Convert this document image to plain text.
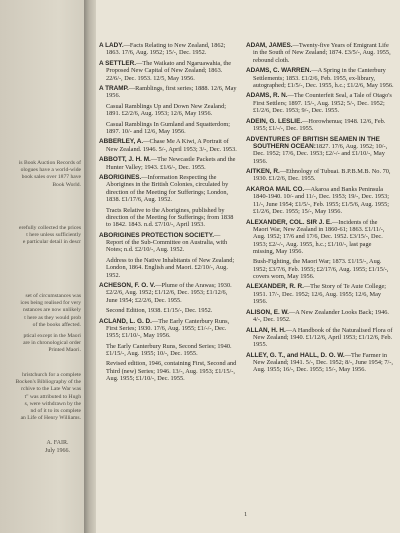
is Book Auction Records of
ologues have a world-wide
book sales over 1877 have
Book World.
erefully collected the prices
t here unless sufficiently
e particular detail in descr
set of circumstances was
ices being realised for very
nstances are now unlikely
t here as they would prob
of the books affected.
ptical except in the Maori
are in chronological order
Printed Maori.
hristchurch for a complete
Bocken's Bibliography of the
rchive to the Late War was
t" was attributed to Hugh
s, were withdrawn by the
nd of it to its complete
an Life of Henry Williams.
A. FAIR.
July 1966.
A LADY.—Facts Relating to New Zealand, 1862; 1863. 17/6, Aug. 1952; 15/-, Dec. 1952.
A SETTLER.—The Waikato and Ngaruawahia, the Proposed New Capital of New Zealand; 1863. 22/6/-, Dec. 1953. 12/5, May 1956.
A TRAMP.—Ramblings, first series; 1888. 12/6, May 1956.
Casual Ramblings Up and Down New Zealand; 1891. £2/2/6, Aug. 1953; 12/6, May 1956.
Casual Ramblings In Gumland and Squatterdom; 1897. 10/- and 12/6, May 1956.
ABBERLEY, A.—Chase Me A Kiwi, A Portrait of New Zealand. 1946. 5/-, April 1953; 3/-, Dec. 1953.
ABBOTT, J. H. M.—The Newcastle Packets and the Hunter Valley; 1943. £1/6/-, Dec. 1955.
ABORIGINES.—Information Respecting the Aborigines in the British Colonies, circulated by direction of the Meeting for Sufferings; London, 1838. £1/17/6, Aug. 1952.
Tracts Relative to the Aborigines, published by direction of the Meeting for Sufferings; from 1838 to 1842. 1843. n.d. £7/10/-, April 1953.
ABORIGINES PROTECTION SOCIETY.—Report of the Sub-Committee on Australia, with Notes; n.d. £2/10/-, Aug. 1952.
Address to the Native Inhabitants of New Zealand; London, 1864. English and Maori. £2/10/-, Aug. 1952.
ACHESON, F. O. V.—Plume of the Arawas; 1930. £2/2/6, Aug. 1952; £1/12/6, Dec. 1953; £1/12/6, June 1954; £2/2/6, Dec. 1955.
Second Edition, 1938. £1/15/-, Dec. 1952.
ACLAND, L. G. D.—The Early Canterbury Runs, First Series; 1930. 17/6, Aug. 1955; £1/-/-, Dec. 1955; £1/10/-, May 1956.
The Early Canterbury Runs, Second Series; 1940. £1/15/-, Aug. 1955; 10/-, Dec. 1955.
Revised edition, 1946, containing First, Second and Third (new) Series; 1946. 13/-, Aug. 1953; £1/15/-, Aug. 1955; £1/10/-, Dec. 1955.
ADAM, JAMES.—Twenty-five Years of Emigrant Life in the South of New Zealand; 1874. £3/5/-, Aug. 1955, rebound cloth.
ADAMS, C. WARREN.—A Spring in the Canterbury Settlements; 1853. £1/2/6, Feb. 1955, ex-library, autographed; £1/5/-, Dec. 1955, h.c.; £1/2/6, May 1956.
ADAMS, R. N.—The Counterfeit Seal, a Tale of Otago's First Settlers; 1897. 15/-, Aug. 1952; 5/-, Dec. 1952; £1/2/6, Dec. 1953; 9/-, Dec. 1955.
ADEIN, G. LESLIE.—Horowhenua; 1948. 12/6, Feb. 1955; £1/-/-, Dec. 1955.
ADVENTURES OF BRITISH SEAMEN IN THE SOUTHERN OCEAN:1827. 17/6, Aug. 1952; 10/-, Dec. 1952; 17/6, Dec. 1953; £2/-/- and £1/10/-, May 1956.
AITKEN, R.—Ethnology of Tubuai. B.P.B.M.B. No. 70, 1930. £1/2/6, Dec. 1955.
AKAROA MAIL CO.—Akaroa and Banks Peninsula 1840-1940. 10/- and 11/-, Dec. 1953; 19/-, Dec. 1953; 11/-, June 1954; £1/5/-, Feb. 1955; £1/5/6, Aug. 1955; £1/2/6, Dec. 1955; 15/-, May 1956.
ALEXANDER, COL. SIR J. E.—Incidents of the Maori War, New Zealand in 1860-61; 1863. £1/11/-, Aug. 1952; 17/6 and 17/6, Dec. 1952. £3/15/-, Dec. 1953; £2/-/-, Aug. 1955, h.c.; £1/10/-, last page missing, May 1956.
Bush-Fighting, the Maori War; 1873. £1/15/-, Aug. 1952; £3/7/6, Feb. 1955; £2/17/6, Aug. 1955; £1/15/-, covers worn, May 1956.
ALEXANDER, R. R.—The Story of Te Aute College; 1951. 17/-, Dec. 1952; 12/6, Aug. 1955; 12/6, May 1956.
ALISON, E. W.—A New Zealander Looks Back; 1946. 4/-, Dec. 1952.
ALLAN, H. H.—A Handbook of the Naturalised Flora of New Zealand; 1940. £1/12/6, April 1953; £1/12/6, Feb. 1955.
ALLEY, G. T., and HALL, D. O. W.—The Farmer in New Zealand; 1941. 5/-, Dec. 1952; 8/-, June 1954; 7/-, Aug. 1955; 16/-, Dec. 1955; 15/-, May 1956.
1
